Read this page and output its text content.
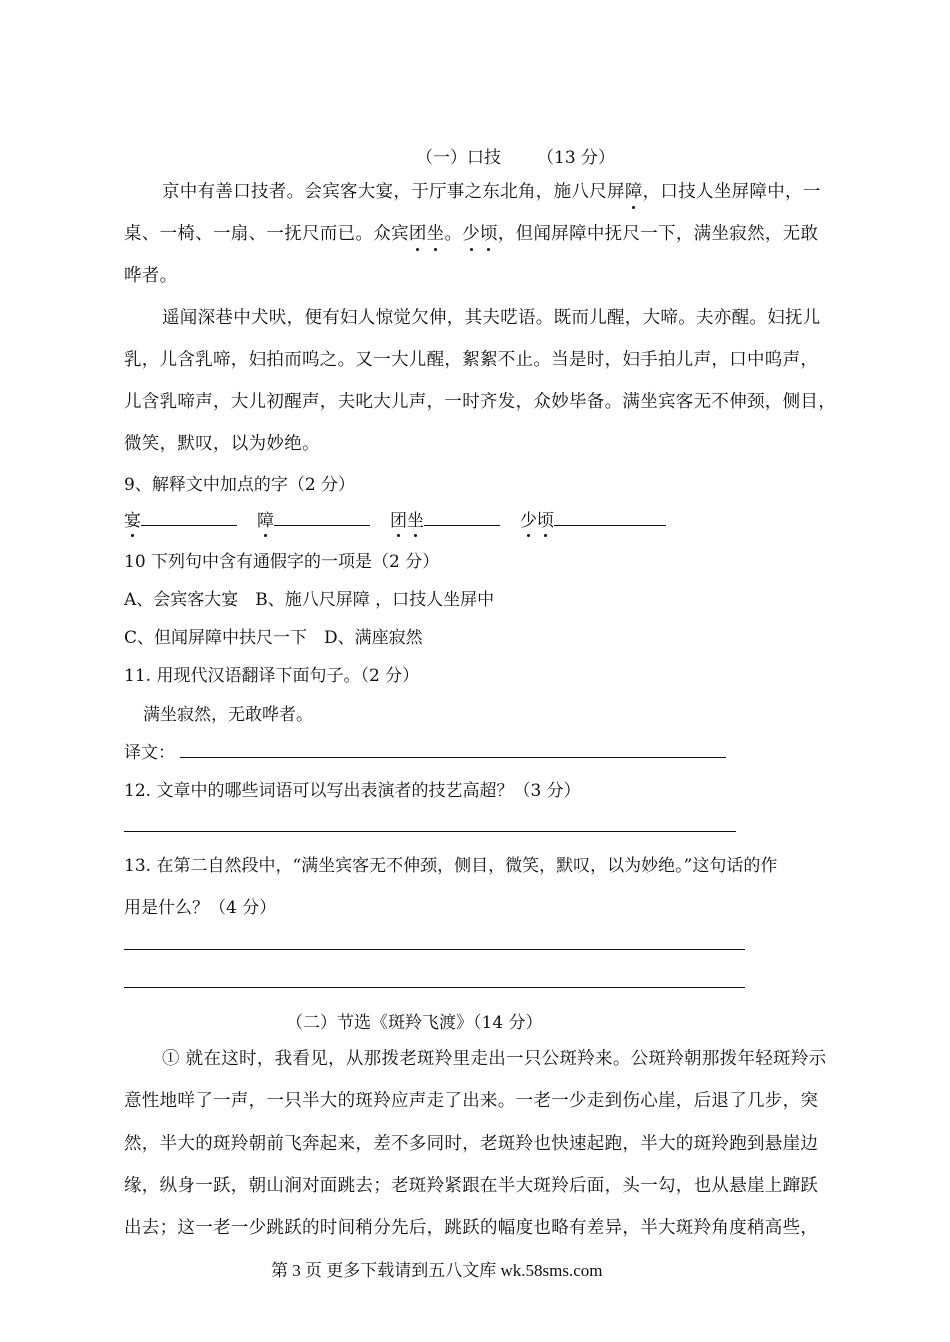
（一）口技 （13 分）
京中有善口技者。会宾客大宴，于厅事之东北角，施八尺屏障，口技人坐屏障中，一
桌、一椅、一扇、一抚尺而已。众宾团坐。少顷，但闻屏障中抚尺一下，满坐寂然，无敢
哗者。
遥闻深巷中犬吠，便有妇人惊觉欠伸，其夫呓语。既而儿醒，大啼。夫亦醒。妇抚儿
乳，儿含乳啼，妇拍而呜之。又一大儿醒，絮絮不止。当是时，妇手拍儿声，口中呜声，
儿含乳啼声，大儿初醒声，夫叱大儿声，一时齐发，众妙毕备。满坐宾客无不伸颈，侧目，
微笑，默叹，以为妙绝。
9、解释文中加点的字（2 分）
宴	障	团坐	少顷
10 下列句中含有通假字的一项是（2 分）
A、会宾客大宴　B、施八尺屏障 ，口技人坐屏中
C、但闻屏障中扶尺一下　D、满座寂然
11. 用现代汉语翻译下面句子。（2 分）
满坐寂然，无敢哗者。
译文：
12. 文章中的哪些词语可以写出表演者的技艺高超？（3 分）
13. 在第二自然段中，“满坐宾客无不伸颈，侧目，微笑，默叹，以为妙绝。”这句话的作
用是什么？（4 分）
（二）节选《斑羚飞渡》（14 分）
① 就在这时，我看见，从那拨老斑羚里走出一只公斑羚来。公斑羚朝那拨年轻斑羚示
意性地咩了一声，一只半大的斑羚应声走了出来。一老一少走到伤心崖，后退了几步，突
然，半大的斑羚朝前飞奔起来，差不多同时，老斑羚也快速起跑，半大的斑羚跑到悬崖边
缘，纵身一跃，朝山涧对面跳去；老斑羚紧跟在半大斑羚后面，头一勾，也从悬崖上蹿跃
出去；这一老一少跳跃的时间稍分先后，跳跃的幅度也略有差异，半大斑羚角度稍高些，
第 3 页 更多下载请到五八文库 wk.58sms.com
